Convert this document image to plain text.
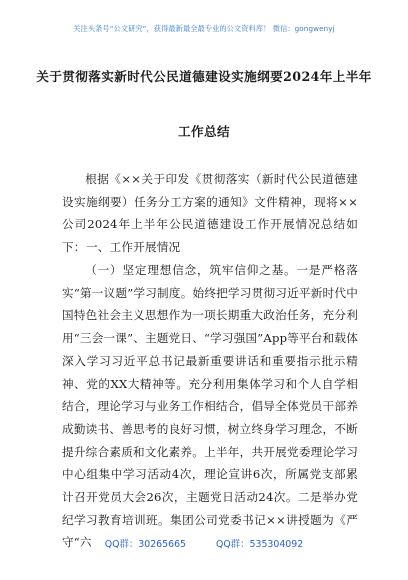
关注头条号“公文研究”，获得最新最全最专业的公文资料库！ 微信：gongwenyj
关于贯彻落实新时代公民道德建设实施纲要2024年上半年
工作总结
根据《××关于印发《贯彻落实（新时代公民道德建设实施纲要）任务分工方案的通知》文件精神，现将××公司2024年上半年公民道德建设工作开展情况总结如下： 一、工作开展情况
（一）坚定理想信念，筑牢信仰之基。一是严格落实“第一议题”学习制度。始终把学习贯彻习近平新时代中国特色社会主义思想作为一项长期重大政治任务，充分利用“三会一课”、主题党日、“学习强国”App等平台和载体深入学习习近平总书记最新重要讲话和重要指示批示精神、党的XX大精神等。充分利用集体学习和个人自学相结合，理论学习与业务工作相结合，倡导全体党员干部养成勤读书、善思考的良好习惯，树立终身学习理念，不断提升综合素质和文化素养。上半年，共开展党委理论学习中心组集中学习活动4次，理论宣讲6次，所属党支部累计召开党员大会26次，主题党日活动24次。二是举办党纪学习教育培训班。集团公司党委书记××讲授题为《严守“六	QQ群：30265665	QQ群：535304092
